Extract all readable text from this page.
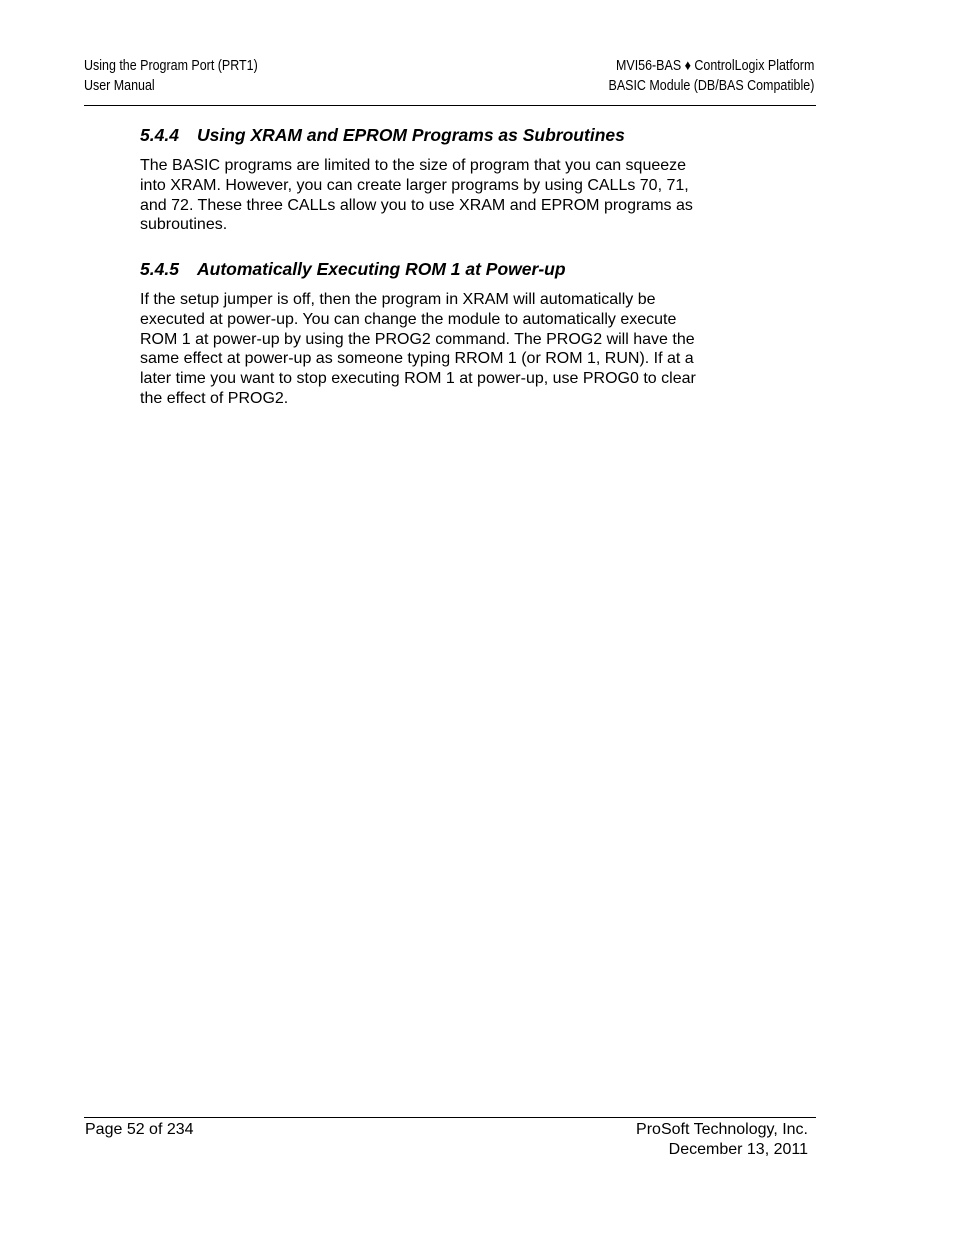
Using the Program Port (PRT1)
User Manual
MVI56-BAS ♦ ControlLogix Platform
BASIC Module (DB/BAS Compatible)
5.4.4 Using XRAM and EPROM Programs as Subroutines
The BASIC programs are limited to the size of program that you can squeeze
into XRAM. However, you can create larger programs by using CALLs 70, 71,
and 72. These three CALLs allow you to use XRAM and EPROM programs as
subroutines.
5.4.5 Automatically Executing ROM 1 at Power-up
If the setup jumper is off, then the program in XRAM will automatically be
executed at power-up. You can change the module to automatically execute
ROM 1 at power-up by using the PROG2 command. The PROG2 will have the
same effect at power-up as someone typing RROM 1 (or ROM 1, RUN). If at a
later time you want to stop executing ROM 1 at power-up, use PROG0 to clear
the effect of PROG2.
Page 52 of 234	ProSoft Technology, Inc.
December 13, 2011
